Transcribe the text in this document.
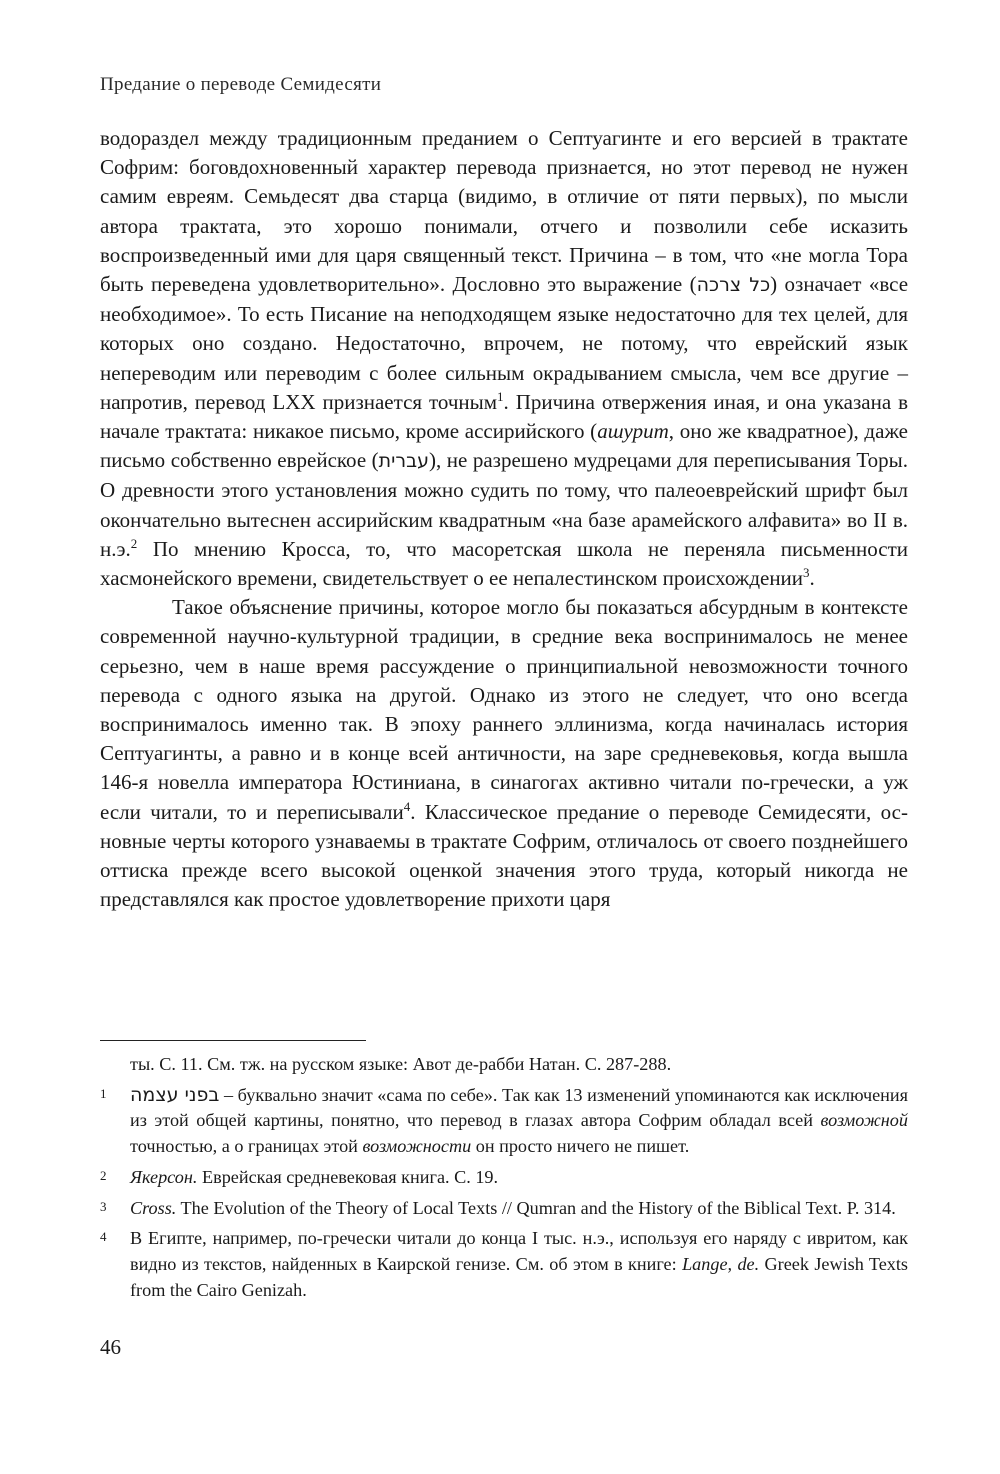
Предание о переводе Семидесяти

водораздел между традиционным преданием о Септуагинте и его версией в трактате Софрим: боговдохновенный характер перевода признается, но этот перевод не нужен самим евреям. Семьдесят два старца (видимо, в отличие от пяти первых), по мысли автора трактата, это хорошо понимали, отчего и позволили себе исказить воспроизведенный ими для царя священный текст. Причина – в том, что «не могла Тора быть переведена удовлетворительно». Дословно это выражение (כל צרכה) означает «все необходимое». То есть Писание на неподходящем языке недостаточно для тех целей, для которых оно создано. Недостаточно, впрочем, не потому, что еврейский язык непереводим или переводим с более сильным окрадыванием смысла, чем все другие – напротив, перевод LXX признается точным$^1$. Причина отвержения иная, и она указана в начале трактата: никакое письмо, кроме ассирийского (ашурит, оно же квадратное), даже письмо собственно еврейское (עברית), не разрешено мудрецами для переписывания Торы. О древности этого установления можно судить по тому, что палеоеврейский шрифт был окончательно вытеснен ассирийским квадратным «на базе арамейского алфавита» во II в. н.э.$^2$ По мнению Кросса, то, что масоретская школа не переняла письменности хасмонейского времени, свидетельствует о ее непалестинском происхождении$^3$.

Такое объяснение причины, которое могло бы показаться абсурдным в контексте современной научно-культурной традиции, в средние века воспринималось не менее серьезно, чем в наше время рассуждение о принципиальной невозможности точного перевода с одного языка на другой. Однако из этого не следует, что оно всегда воспринималось именно так. В эпоху раннего эллинизма, когда начиналась история Септуагинты, а равно и в конце всей античности, на заре средневековья, когда вышла 146-я новелла императора Юстиниана, в синагогах активно читали по-гречески, а уж если читали, то и переписывали$^4$. Классическое предание о переводе Семидесяти, основные черты которого узнаваемы в трактате Софрим, отличалось от своего позднейшего оттиска прежде всего высокой оценкой значения этого труда, который никогда не представлялся как простое удовлетворение прихоти царя

ты. С. 11. См. тж. на русском языке: Авот де-рабби Натан. С. 287-288.
1	בפני עצמה – буквально значит «сама по себе». Так как 13 изменений упоминаются как исключения из этой общей картины, понятно, что перевод в глазах автора Софрим обладал всей возможной точностью, а о границах этой возможности он просто ничего не пишет.
2	Якерсон. Еврейская средневековая книга. С. 19.
3	Cross. The Evolution of the Theory of Local Texts // Qumran and the History of the Biblical Text. P. 314.
4	В Египте, например, по-гречески читали до конца I тыс. н.э., используя его наряду с ивритом, как видно из текстов, найденных в Каирской генизе. См. об этом в книге: Lange, de. Greek Jewish Texts from the Cairo Genizah.
46
